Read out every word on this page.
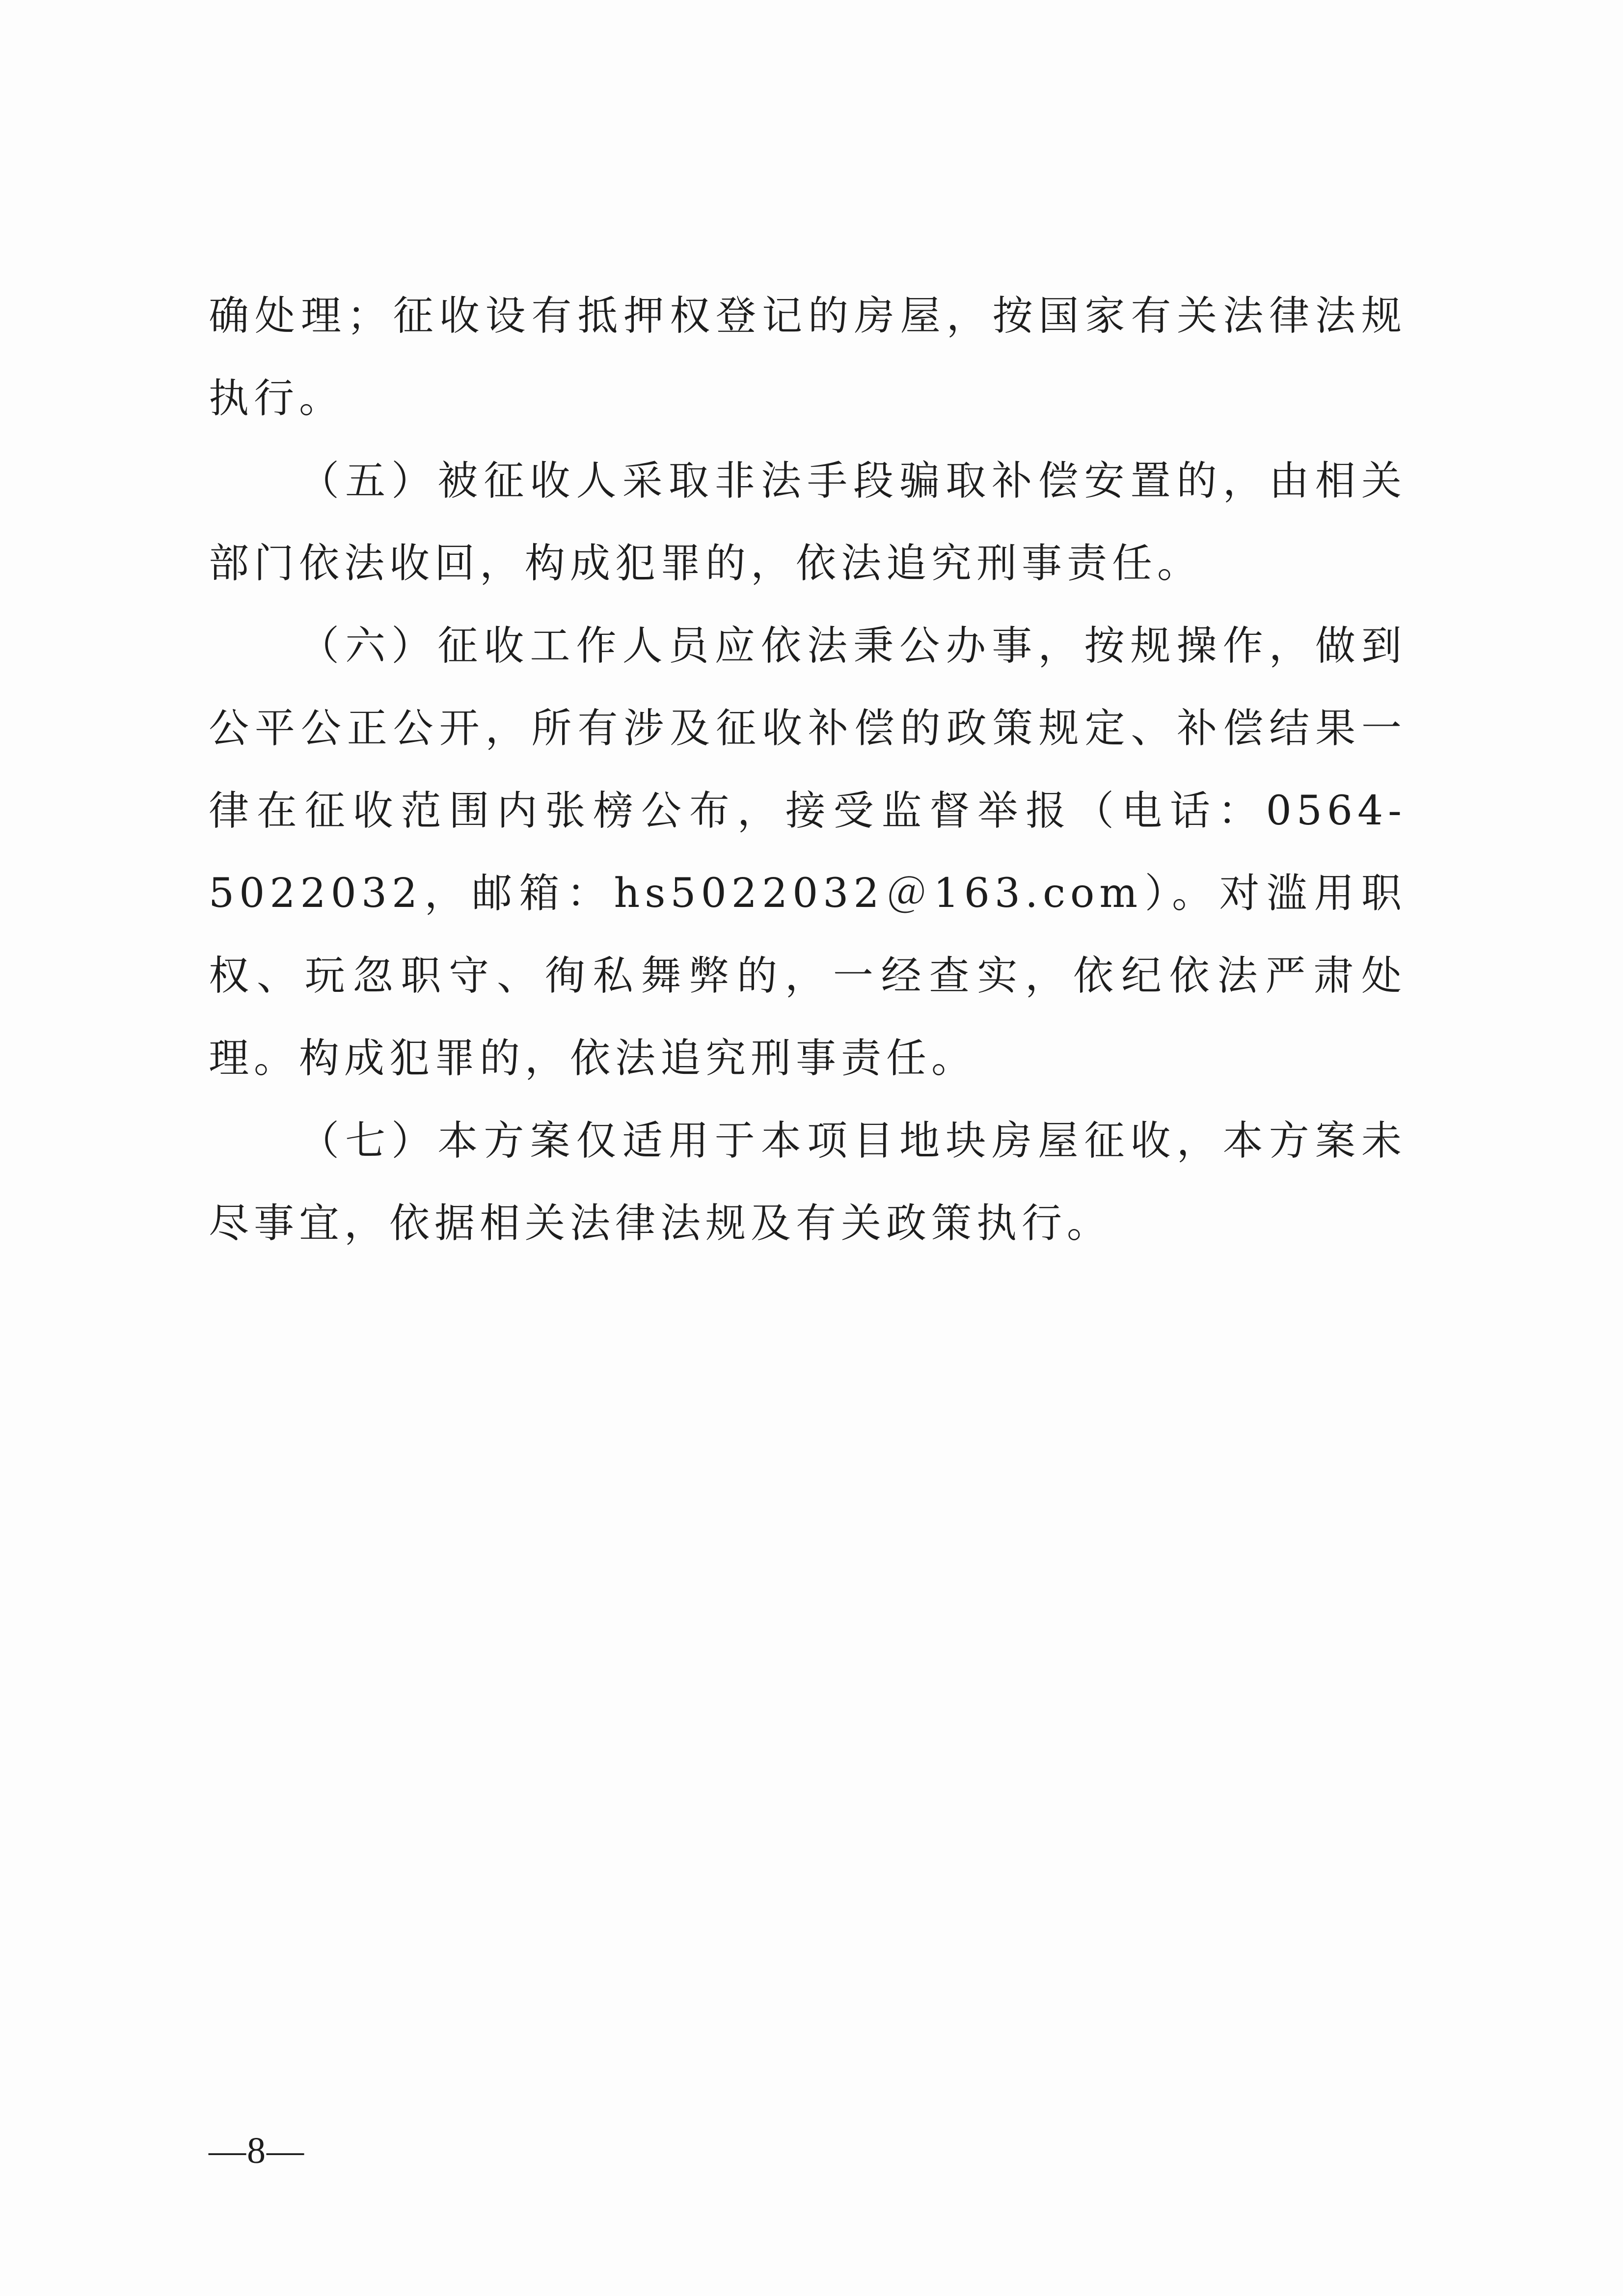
确处理；征收设有抵押权登记的房屋，按国家有关法律法规执行。

（五）被征收人采取非法手段骗取补偿安置的，由相关部门依法收回，构成犯罪的，依法追究刑事责任。

（六）征收工作人员应依法秉公办事，按规操作，做到公平公正公开，所有涉及征收补偿的政策规定、补偿结果一律在征收范围内张榜公布，接受监督举报（电话：0564-5022032，邮箱：hs5022032＠163.com）。对滥用职权、玩忽职守、徇私舞弊的，一经查实，依纪依法严肃处理。构成犯罪的，依法追究刑事责任。

（七）本方案仅适用于本项目地块房屋征收，本方案未尽事宜，依据相关法律法规及有关政策执行。

—8—
